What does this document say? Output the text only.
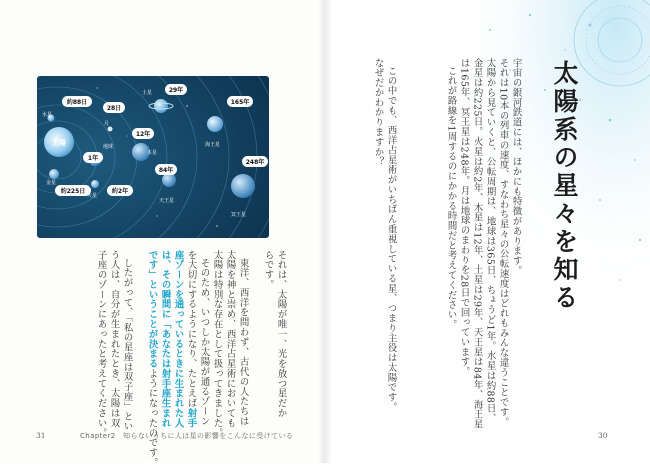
太陽
水星
約88日
金星
約225日
地球
1年
月
28日
火星
約2年
木星
12年
土星	29年
天王星
84年
海王星
165年
冥王星
248年	太陽系の星々を知る
宇宙の銀河鉄道には、ほかにも特徴があります。
それは10本の列車の速度、すなわち星々の公転速度はどれもみんな違うことです。
太陽から見ていくと、公転周期は、地球は365日、ちょうど1年。水星は約88日、
金星は約225日。火星は約2年、木星は12年、土星は29年、天王星は84年、海王星
は165年、冥王星は248年。月は地球のまわりを28日で回っています。
これが路線を1周するのにかかる時間だと考えてください。
なぜだかわかりますか？ この中でも、西洋占星術がいちばん重視している星、つまり主役は太陽です。
それは、太陽が唯一、光を放つ星だか
らです。
東洋、西洋を問わず、古代の人たちは
太陽を神と崇め、西洋占星術においても
太陽は特別な存在として扱ってきました。
そのため、いつしか太陽が通るゾーン
を大切にするようになり、たとえば射手
座ゾーンを通っているときに生まれた人
は、その瞬間に「あなたは射手座生まれ
です」ということが決まるようになったのです。
したがって、「私の星座は双子座」とい
う人は、自分が生まれたとき、太陽は双
子座のゾーンにあったと考えてください。
31	Chapter2　知らないうちに人は星の影響をこんなに受けている	30
